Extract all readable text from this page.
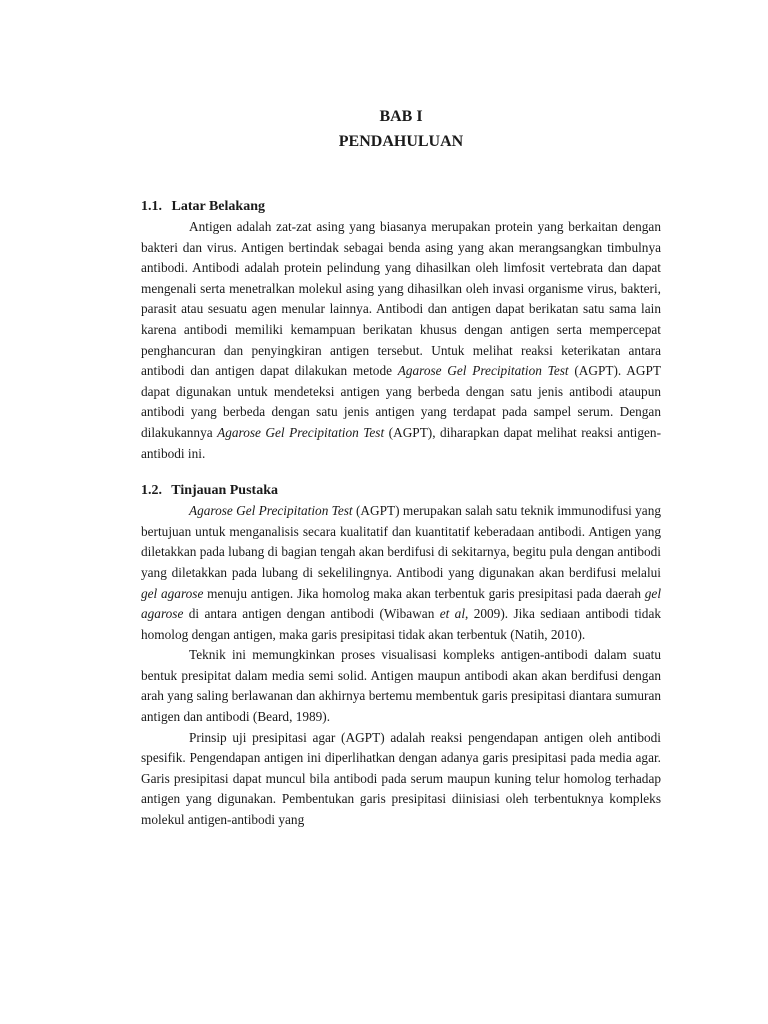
BAB I

PENDAHULUAN

1.1. Latar Belakang

Antigen adalah zat-zat asing yang biasanya merupakan protein yang berkaitan dengan bakteri dan virus. Antigen bertindak sebagai benda asing yang akan merangsangkan timbulnya antibodi. Antibodi adalah protein pelindung yang dihasilkan oleh limfosit vertebrata dan dapat mengenali serta menetralkan molekul asing yang dihasilkan oleh invasi organisme virus, bakteri, parasit atau sesuatu agen menular lainnya. Antibodi dan antigen dapat berikatan satu sama lain karena antibodi memiliki kemampuan berikatan khusus dengan antigen serta mempercepat penghancuran dan penyingkiran antigen tersebut. Untuk melihat reaksi keterikatan antara antibodi dan antigen dapat dilakukan metode Agarose Gel Precipitation Test (AGPT). AGPT dapat digunakan untuk mendeteksi antigen yang berbeda dengan satu jenis antibodi ataupun antibodi yang berbeda dengan satu jenis antigen yang terdapat pada sampel serum. Dengan dilakukannya Agarose Gel Precipitation Test (AGPT), diharapkan dapat melihat reaksi antigen-antibodi ini.

1.2. Tinjauan Pustaka

Agarose Gel Precipitation Test (AGPT) merupakan salah satu teknik immunodifusi yang bertujuan untuk menganalisis secara kualitatif dan kuantitatif keberadaan antibodi. Antigen yang diletakkan pada lubang di bagian tengah akan berdifusi di sekitarnya, begitu pula dengan antibodi yang diletakkan pada lubang di sekelilingnya. Antibodi yang digunakan akan berdifusi melalui gel agarose menuju antigen. Jika homolog maka akan terbentuk garis presipitasi pada daerah gel agarose di antara antigen dengan antibodi (Wibawan et al, 2009). Jika sediaan antibodi tidak homolog dengan antigen, maka garis presipitasi tidak akan terbentuk (Natih, 2010).

Teknik ini memungkinkan proses visualisasi kompleks antigen-antibodi dalam suatu bentuk presipitat dalam media semi solid. Antigen maupun antibodi akan akan berdifusi dengan arah yang saling berlawanan dan akhirnya bertemu membentuk garis presipitasi diantara sumuran antigen dan antibodi (Beard, 1989).

Prinsip uji presipitasi agar (AGPT) adalah reaksi pengendapan antigen oleh antibodi spesifik. Pengendapan antigen ini diperlihatkan dengan adanya garis presipitasi pada media agar. Garis presipitasi dapat muncul bila antibodi pada serum maupun kuning telur homolog terhadap antigen yang digunakan. Pembentukan garis presipitasi diinisiasi oleh terbentuknya kompleks molekul antigen-antibodi yang
